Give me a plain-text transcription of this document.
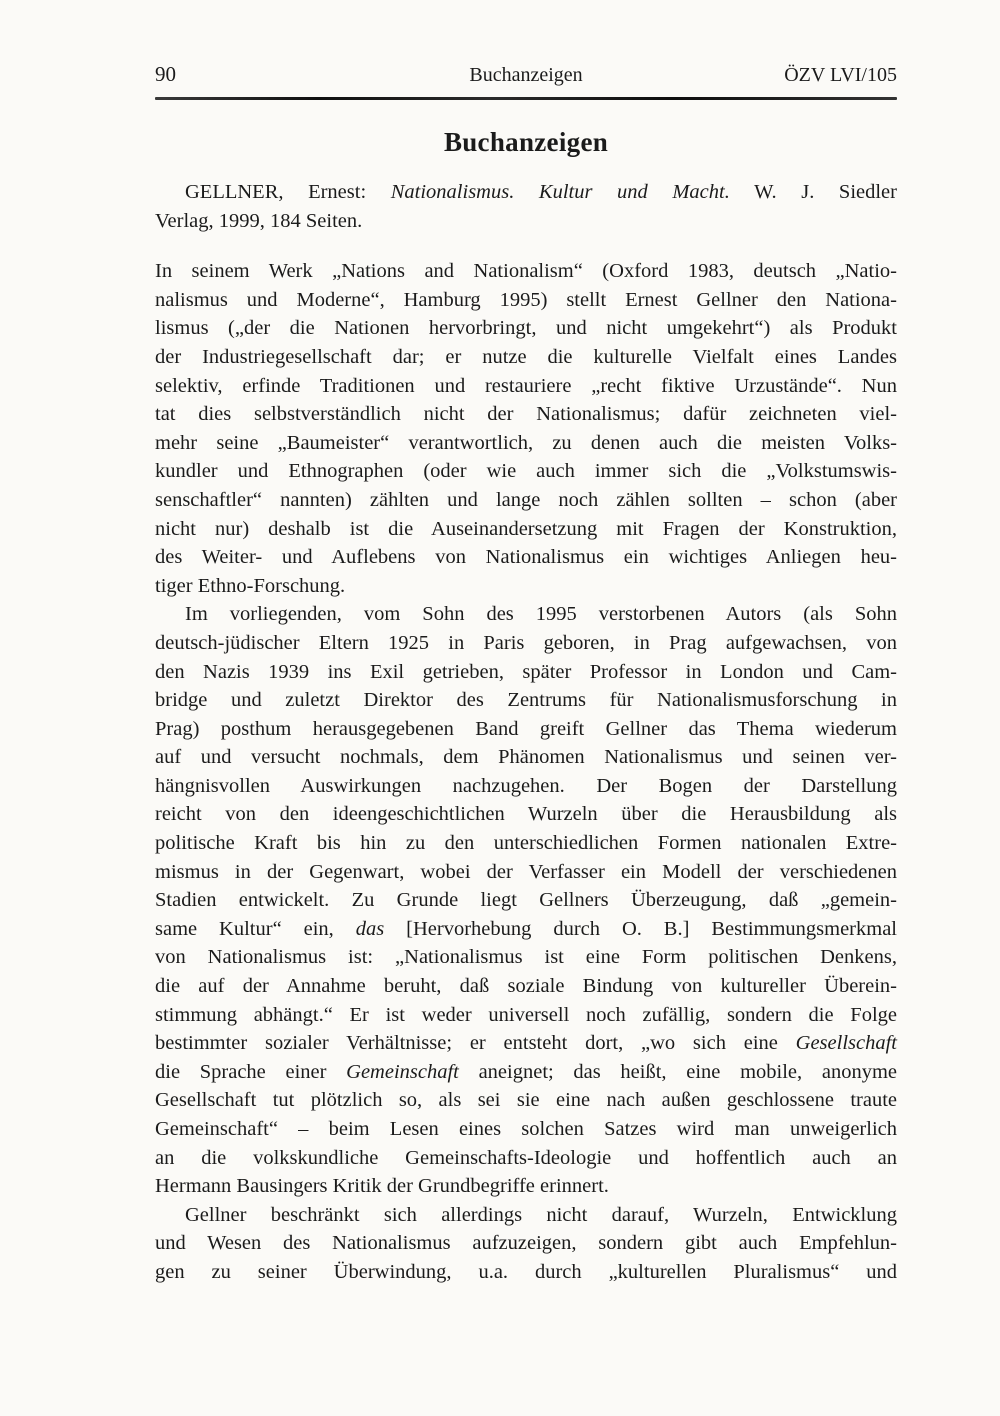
90	Buchanzeigen	ÖZV LVI/105
Buchanzeigen
GELLNER, Ernest: Nationalismus. Kultur und Macht. W. J. Siedler
Verlag, 1999, 184 Seiten.
In seinem Werk „Nations and Nationalism“ (Oxford 1983, deutsch „Natio-
nalismus und Moderne“, Hamburg 1995) stellt Ernest Gellner den Nationa-
lismus („der die Nationen hervorbringt, und nicht umgekehrt“) als Produkt
der Industriegesellschaft dar; er nutze die kulturelle Vielfalt eines Landes
selektiv, erfinde Traditionen und restauriere „recht fiktive Urzustände“. Nun
tat dies selbstverständlich nicht der Nationalismus; dafür zeichneten viel-
mehr seine „Baumeister“ verantwortlich, zu denen auch die meisten Volks-
kundler und Ethnographen (oder wie auch immer sich die „Volkstumswis-
senschaftler“ nannten) zählten und lange noch zählen sollten – schon (aber
nicht nur) deshalb ist die Auseinandersetzung mit Fragen der Konstruktion,
des Weiter- und Auflebens von Nationalismus ein wichtiges Anliegen heu-
tiger Ethno-Forschung.
Im vorliegenden, vom Sohn des 1995 verstorbenen Autors (als Sohn
deutsch-jüdischer Eltern 1925 in Paris geboren, in Prag aufgewachsen, von
den Nazis 1939 ins Exil getrieben, später Professor in London und Cam-
bridge und zuletzt Direktor des Zentrums für Nationalismusforschung in
Prag) posthum herausgegebenen Band greift Gellner das Thema wiederum
auf und versucht nochmals, dem Phänomen Nationalismus und seinen ver-
hängnisvollen Auswirkungen nachzugehen. Der Bogen der Darstellung
reicht von den ideengeschichtlichen Wurzeln über die Herausbildung als
politische Kraft bis hin zu den unterschiedlichen Formen nationalen Extre-
mismus in der Gegenwart, wobei der Verfasser ein Modell der verschiedenen
Stadien entwickelt. Zu Grunde liegt Gellners Überzeugung, daß „gemein-
same Kultur“ ein, das [Hervorhebung durch O. B.] Bestimmungsmerkmal
von Nationalismus ist: „Nationalismus ist eine Form politischen Denkens,
die auf der Annahme beruht, daß soziale Bindung von kultureller Überein-
stimmung abhängt.“ Er ist weder universell noch zufällig, sondern die Folge
bestimmter sozialer Verhältnisse; er entsteht dort, „wo sich eine Gesellschaft
die Sprache einer Gemeinschaft aneignet; das heißt, eine mobile, anonyme
Gesellschaft tut plötzlich so, als sei sie eine nach außen geschlossene traute
Gemeinschaft“ – beim Lesen eines solchen Satzes wird man unweigerlich
an die volkskundliche Gemeinschafts-Ideologie und hoffentlich auch an
Hermann Bausingers Kritik der Grundbegriffe erinnert.
Gellner beschränkt sich allerdings nicht darauf, Wurzeln, Entwicklung
und Wesen des Nationalismus aufzuzeigen, sondern gibt auch Empfehlun-
gen zu seiner Überwindung, u.a. durch „kulturellen Pluralismus“ und
